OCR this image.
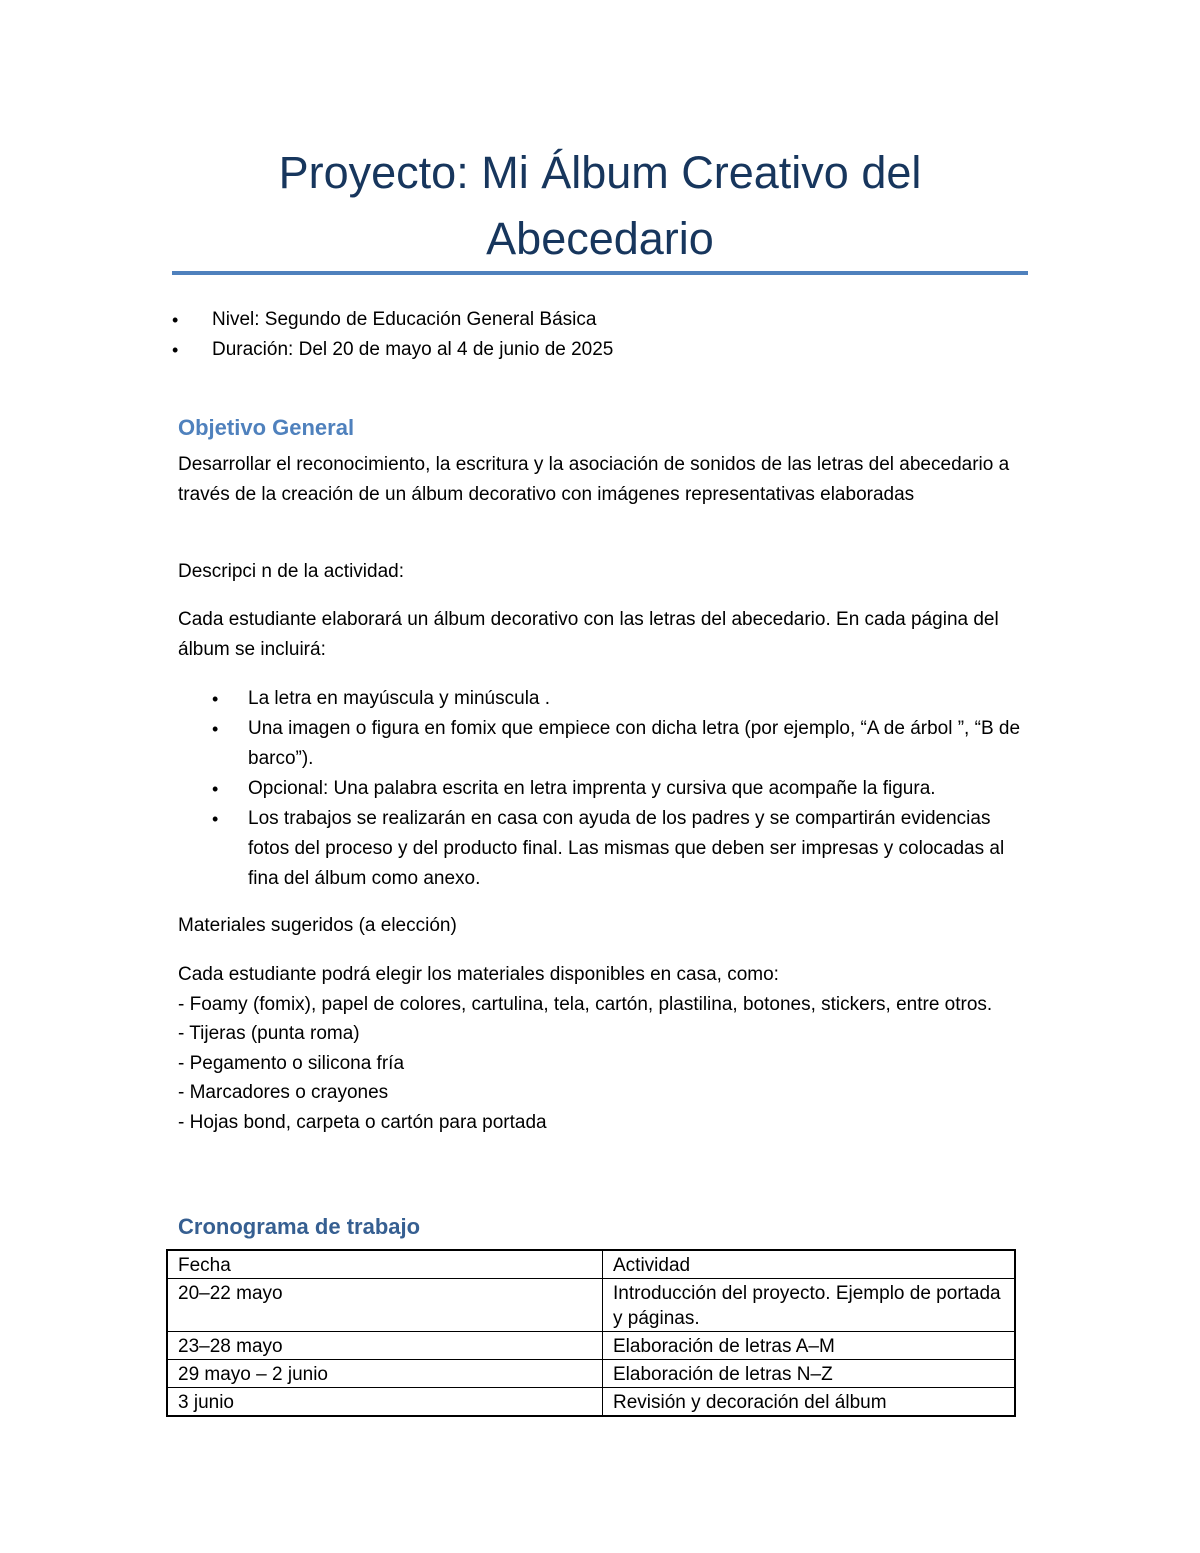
Proyecto: Mi Álbum Creativo del
Abecedario
• Nivel: Segundo de Educación General Básica
• Duración: Del 20 de mayo al 4 de junio de 2025
Objetivo General

Desarrollar el reconocimiento, la escritura y la asociación de sonidos de las letras del abecedario a través de la creación de un álbum decorativo con imágenes representativas elaboradas

Descripci n de la actividad:

Cada estudiante elaborará un álbum decorativo con las letras del abecedario. En cada página del álbum se incluirá:

• La letra en mayúscula y minúscula .
• Una imagen o figura en fomix que empiece con dicha letra (por ejemplo, “A de árbol ”, “B de barco”).
• Opcional: Una palabra escrita en letra imprenta y cursiva que acompañe la figura.
• Los trabajos se realizarán en casa con ayuda de los padres y se compartirán evidencias fotos del proceso y del producto final. Las mismas que deben ser impresas y colocadas al fina del álbum como anexo.

Materiales sugeridos (a elección)

Cada estudiante podrá elegir los materiales disponibles en casa, como:
- Foamy (fomix), papel de colores, cartulina, tela, cartón, plastilina, botones, stickers, entre otros.
- Tijeras (punta roma)
- Pegamento o silicona fría
- Marcadores o crayones
- Hojas bond, carpeta o cartón para portada
Cronograma de trabajo
Fecha	Actividad
20–22 mayo	Introducción del proyecto. Ejemplo de portada y páginas.
23–28 mayo	Elaboración de letras A–M
29 mayo – 2 junio	Elaboración de letras N–Z
3 junio	Revisión y decoración del álbum
